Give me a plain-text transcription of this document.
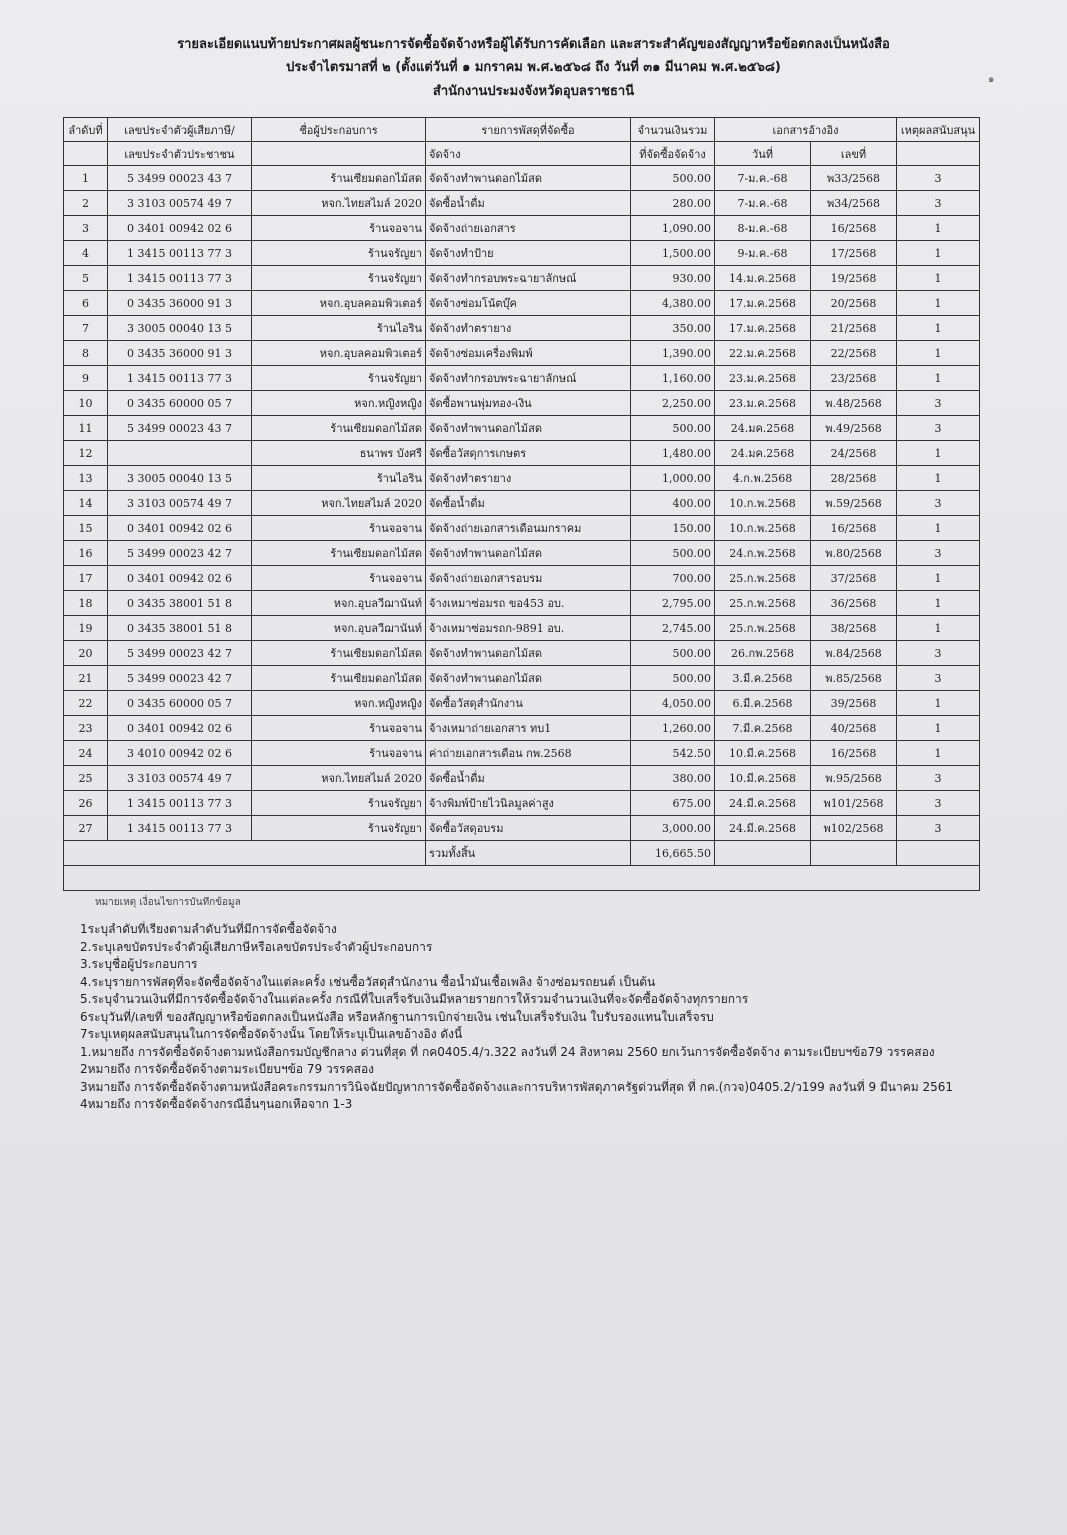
รายละเอียดแนบท้ายประกาศผลผู้ชนะการจัดซื้อจัดจ้างหรือผู้ได้รับการคัดเลือก และสาระสำคัญของสัญญาหรือข้อตกลงเป็นหนังสือ
ประจำไตรมาสที่ ๒ (ตั้งแต่วันที่ ๑ มกราคม พ.ศ.๒๕๖๘ ถึง วันที่ ๓๑ มีนาคม พ.ศ.๒๕๖๘)
สำนักงานประมงจังหวัดอุบลราชธานี
๑
ลำดับที่	เลขประจำตัวผู้เสียภาษี/	ชื่อผู้ประกอบการ	รายการพัสดุที่จัดซื้อ	จำนวนเงินรวม	เอกสารอ้างอิง		เหตุผลสนับสนุน
	เลขประจำตัวประชาชน		จัดจ้าง	ที่จัดซื้อจัดจ้าง	วันที่	เลขที่	
1	5 3499 00023 43 7	ร้านเซียมดอกไม้สด	จัดจ้างทำพานดอกไม้สด	500.00	7-ม.ค.-68	พ33/2568	3
2	3 3103 00574 49 7	หจก.ไทยสไมล์ 2020	จัดซื้อน้ำดื่ม	280.00	7-ม.ค.-68	พ34/2568	3
3	0 3401 00942 02 6	ร้านจอจาน	จัดจ้างถ่ายเอกสาร	1,090.00	8-ม.ค.-68	16/2568	1
4	1 3415 00113 77 3	ร้านจรัญยา	จัดจ้างทำป้าย	1,500.00	9-ม.ค.-68	17/2568	1
5	1 3415 00113 77 3	ร้านจรัญยา	จัดจ้างทำกรอบพระฉายาลักษณ์	930.00	14.ม.ค.2568	19/2568	1
6	0 3435 36000 91 3	หจก.อุบลคอมพิวเตอร์	จัดจ้างซ่อมโน้ตบุ๊ค	4,380.00	17.ม.ค.2568	20/2568	1
7	3 3005 00040 13 5	ร้านไอริน	จัดจ้างทำตรายาง	350.00	17.ม.ค.2568	21/2568	1
8	0 3435 36000 91 3	หจก.อุบลคอมพิวเตอร์	จัดจ้างซ่อมเครื่องพิมพ์	1,390.00	22.ม.ค.2568	22/2568	1
9	1 3415 00113 77 3	ร้านจรัญยา	จัดจ้างทำกรอบพระฉายาลักษณ์	1,160.00	23.ม.ค.2568	23/2568	1
10	0 3435 60000 05 7	หจก.หญิงหญิง	จัดซื้อพานพุ่มทอง-เงิน	2,250.00	23.ม.ค.2568	พ.48/2568	3
11	5 3499 00023 43 7	ร้านเซียมดอกไม้สด	จัดจ้างทำพานดอกไม้สด	500.00	24.มค.2568	พ.49/2568	3
12		ธนาพร บังศรี	จัดซื้อวัสดุการเกษตร	1,480.00	24.มค.2568	24/2568	1
13	3 3005 00040 13 5	ร้านไอริน	จัดจ้างทำตรายาง	1,000.00	4.ก.พ.2568	28/2568	1
14	3 3103 00574 49 7	หจก.ไทยสไมล์ 2020	จัดซื้อน้ำดื่ม	400.00	10.ก.พ.2568	พ.59/2568	3
15	0 3401 00942 02 6	ร้านจอจาน	จัดจ้างถ่ายเอกสารเดือนมกราคม	150.00	10.ก.พ.2568	16/2568	1
16	5 3499 00023 42 7	ร้านเซียมดอกไม้สด	จัดจ้างทำพานดอกไม้สด	500.00	24.ก.พ.2568	พ.80/2568	3
17	0 3401 00942 02 6	ร้านจอจาน	จัดจ้างถ่ายเอกสารอบรม	700.00	25.ก.พ.2568	37/2568	1
18	0 3435 38001 51 8	หจก.อุบลวีฌานันท์	จ้างเหมาซ่อมรถ ขอ453 อบ.	2,795.00	25.ก.พ.2568	36/2568	1
19	0 3435 38001 51 8	หจก.อุบลวีฌานันท์	จ้างเหมาซ่อมรถก-9891 อบ.	2,745.00	25.ก.พ.2568	38/2568	1
20	5 3499 00023 42 7	ร้านเซียมดอกไม้สด	จัดจ้างทำพานดอกไม้สด	500.00	26.กพ.2568	พ.84/2568	3
21	5 3499 00023 42 7	ร้านเซียมดอกไม้สด	จัดจ้างทำพานดอกไม้สด	500.00	3.มี.ค.2568	พ.85/2568	3
22	0 3435 60000 05 7	หจก.หญิงหญิง	จัดซื้อวัสดุสำนักงาน	4,050.00	6.มี.ค.2568	39/2568	1
23	0 3401 00942 02 6	ร้านจอจาน	จ้างเหมาถ่ายเอกสาร ทบ1	1,260.00	7.มี.ค.2568	40/2568	1
24	3 4010 00942 02 6	ร้านจอจาน	ค่าถ่ายเอกสารเดือน กพ.2568	542.50	10.มี.ค.2568	16/2568	1
25	3 3103 00574 49 7	หจก.ไทยสไมล์ 2020	จัดซื้อน้ำดื่ม	380.00	10.มี.ค.2568	พ.95/2568	3
26	1 3415 00113 77 3	ร้านจรัญยา	จ้างพิมพ์ป้ายไวนิลมูลค่าสูง	675.00	24.มี.ค.2568	พ101/2568	3
27	1 3415 00113 77 3	ร้านจรัญยา	จัดซื้อวัสดุอบรม	3,000.00	24.มี.ค.2568	พ102/2568	3
			รวมทั้งสิ้น	16,665.50			

หมายเหตุ เงื่อนไขการบันทึกข้อมูล
1ระบุลำดับที่เรียงตามลำดับวันที่มีการจัดซื้อจัดจ้าง
2.ระบุเลขบัตรประจำตัวผู้เสียภาษีหรือเลขบัตรประจำตัวผู้ประกอบการ
3.ระบุชื่อผู้ประกอบการ
4.ระบุรายการพัสดุที่จะจัดซื้อจัดจ้างในแต่ละครั้ง เช่นซื้อวัสดุสำนักงาน ซื้อน้ำมันเชื้อเพลิง จ้างซ่อมรถยนต์ เป็นต้น
5.ระบุจำนวนเงินที่มีการจัดซื้อจัดจ้างในแต่ละครั้ง กรณีที่ใบเสร็จรับเงินมีหลายรายการให้รวมจำนวนเงินที่จะจัดซื้อจัดจ้างทุกรายการ
6ระบุวันที่/เลขที่ ของสัญญาหรือข้อตกลงเป็นหนังสือ หรือหลักฐานการเบิกจ่ายเงิน เช่นใบเสร็จรับเงิน ใบรับรองแทนใบเสร็จรบ
7ระบุเหตุผลสนับสนุนในการจัดซื้อจัดจ้างนั้น โดยให้ระบุเป็นเลขอ้างอิง ดังนี้
1.หมายถึง การจัดซื้อจัดจ้างตามหนังสือกรมบัญชีกลาง ด่วนที่สุด ที่ กค0405.4/ว.322 ลงวันที่ 24 สิงหาคม 2560 ยกเว้นการจัดซื้อจัดจ้าง ตามระเบียบฯข้อ79 วรรคสอง
2หมายถึง การจัดซื้อจัดจ้างตามระเบียบฯข้อ 79 วรรคสอง
3หมายถึง การจัดซื้อจัดจ้างตามหนังสือคระกรรมการวินิจฉัยปัญหาการจัดซื้อจัดจ้างและการบริหารพัสดุภาครัฐด่วนที่สุด ที่ กค.(กวจ)0405.2/ว199 ลงวันที่ 9 มีนาคม 2561
4หมายถึง การจัดซื้อจัดจ้างกรณีอื่นๆนอกเหือจาก 1-3
